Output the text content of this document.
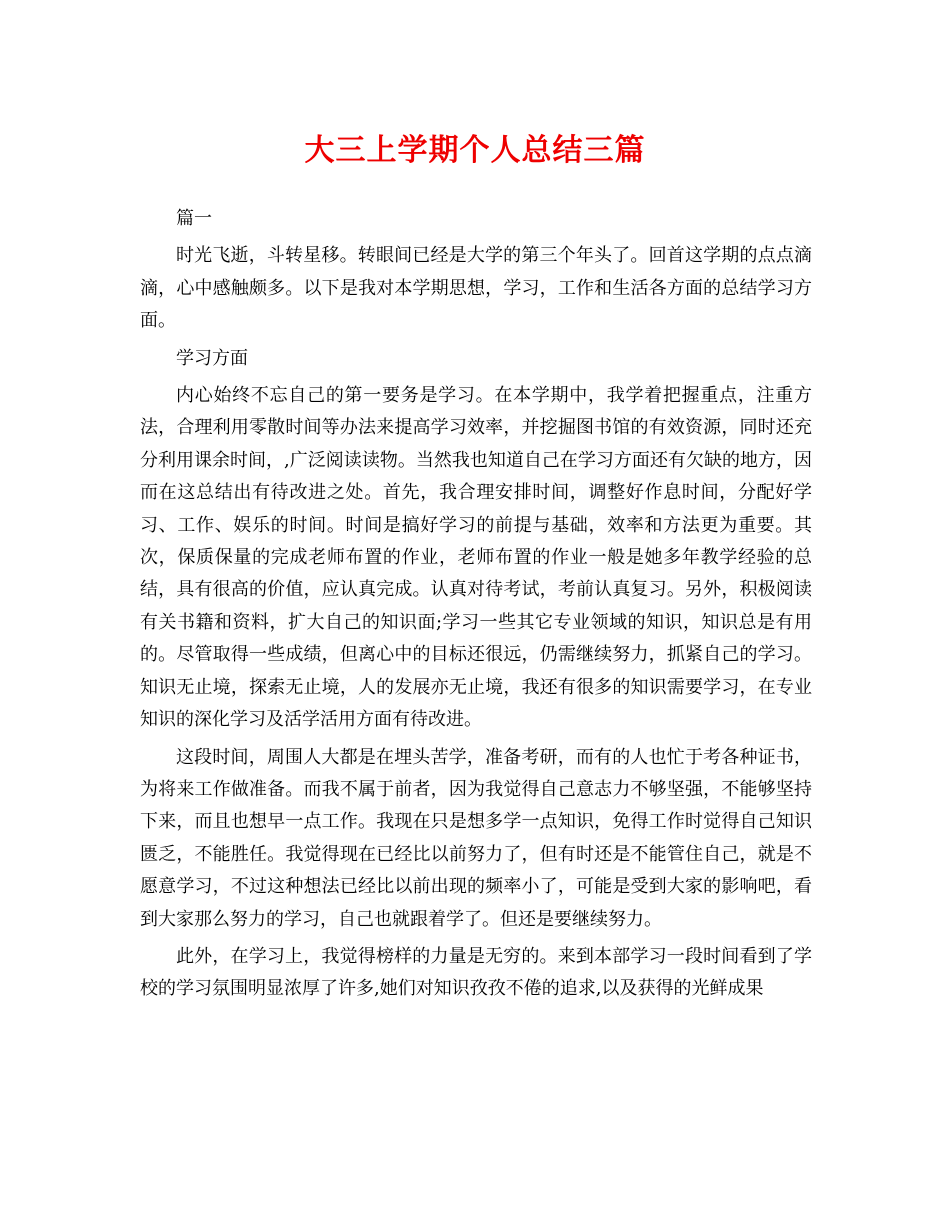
大三上学期个人总结三篇

篇一

时光飞逝，斗转星移。转眼间已经是大学的第三个年头了。回首这学期的点点滴滴，心中感触颇多。以下是我对本学期思想，学习，工作和生活各方面的总结学习方面。

学习方面

内心始终不忘自己的第一要务是学习。在本学期中，我学着把握重点，注重方法，合理利用零散时间等办法来提高学习效率，并挖掘图书馆的有效资源，同时还充分利用课余时间，,广泛阅读读物。当然我也知道自己在学习方面还有欠缺的地方，因而在这总结出有待改进之处。首先，我合理安排时间，调整好作息时间，分配好学习、工作、娱乐的时间。时间是搞好学习的前提与基础，效率和方法更为重要。其次，保质保量的完成老师布置的作业，老师布置的作业一般是她多年教学经验的总结，具有很高的价值，应认真完成。认真对待考试，考前认真复习。另外，积极阅读有关书籍和资料，扩大自己的知识面;学习一些其它专业领域的知识，知识总是有用的。尽管取得一些成绩，但离心中的目标还很远，仍需继续努力，抓紧自己的学习。知识无止境，探索无止境，人的发展亦无止境，我还有很多的知识需要学习，在专业知识的深化学习及活学活用方面有待改进。

这段时间，周围人大都是在埋头苦学，准备考研，而有的人也忙于考各种证书，为将来工作做准备。而我不属于前者，因为我觉得自己意志力不够坚强，不能够坚持下来，而且也想早一点工作。我现在只是想多学一点知识，免得工作时觉得自己知识匮乏，不能胜任。我觉得现在已经比以前努力了，但有时还是不能管住自己，就是不愿意学习，不过这种想法已经比以前出现的频率小了，可能是受到大家的影响吧，看到大家那么努力的学习，自己也就跟着学了。但还是要继续努力。

此外，在学习上，我觉得榜样的力量是无穷的。来到本部学习一段时间看到了学校的学习氛围明显浓厚了许多,她们对知识孜孜不倦的追求,以及获得的光鲜成果
